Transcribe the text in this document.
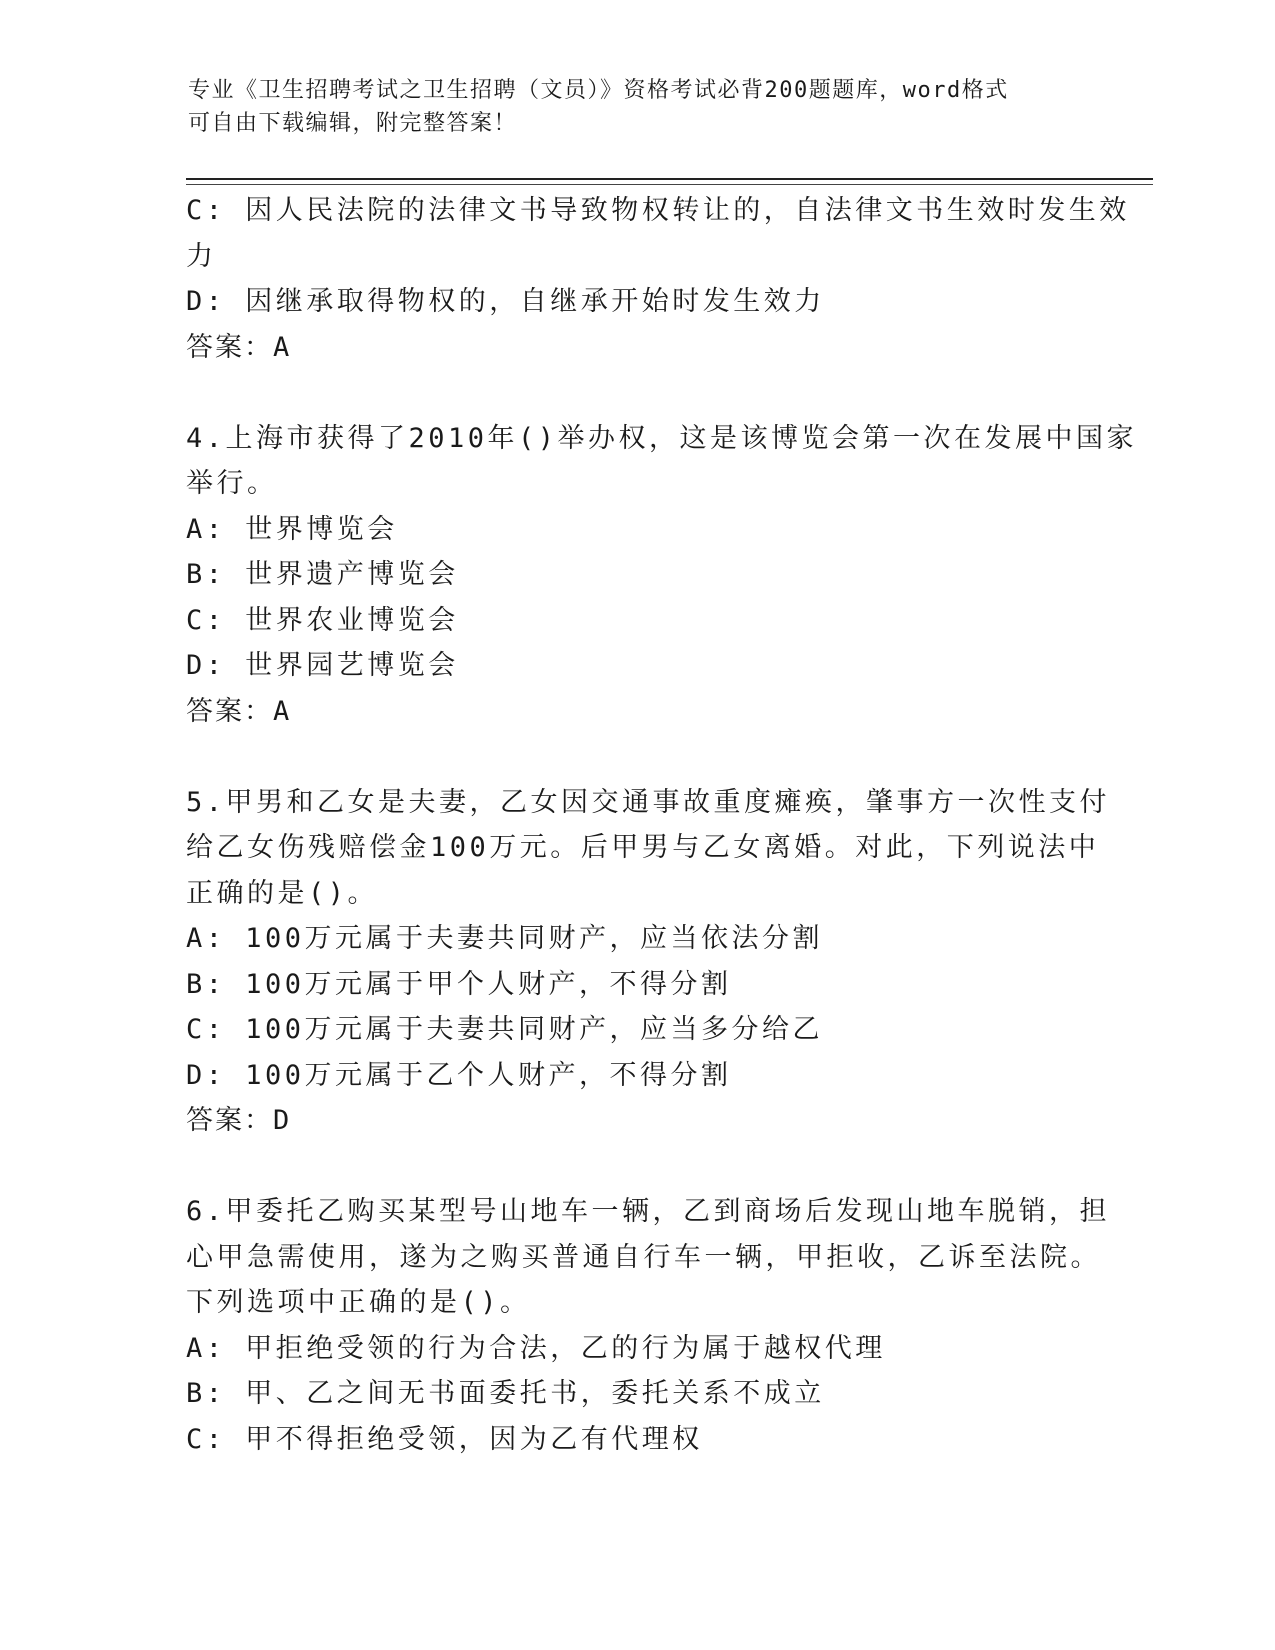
专业《卫生招聘考试之卫生招聘（文员）》资格考试必背200题题库，word格式
可自由下载编辑，附完整答案！
C: 因人民法院的法律文书导致物权转让的，自法律文书生效时发生效
力
D: 因继承取得物权的，自继承开始时发生效力
答案：A
4.上海市获得了2010年()举办权，这是该博览会第一次在发展中国家
举行。
A: 世界博览会
B: 世界遗产博览会
C: 世界农业博览会
D: 世界园艺博览会
答案：A
5.甲男和乙女是夫妻，乙女因交通事故重度瘫痪，肇事方一次性支付
给乙女伤残赔偿金100万元。后甲男与乙女离婚。对此，下列说法中
正确的是()。
A: 100万元属于夫妻共同财产，应当依法分割
B: 100万元属于甲个人财产，不得分割
C: 100万元属于夫妻共同财产，应当多分给乙
D: 100万元属于乙个人财产，不得分割
答案：D
6.甲委托乙购买某型号山地车一辆，乙到商场后发现山地车脱销，担
心甲急需使用，遂为之购买普通自行车一辆，甲拒收，乙诉至法院。
下列选项中正确的是()。
A: 甲拒绝受领的行为合法，乙的行为属于越权代理
B: 甲、乙之间无书面委托书，委托关系不成立
C: 甲不得拒绝受领，因为乙有代理权
